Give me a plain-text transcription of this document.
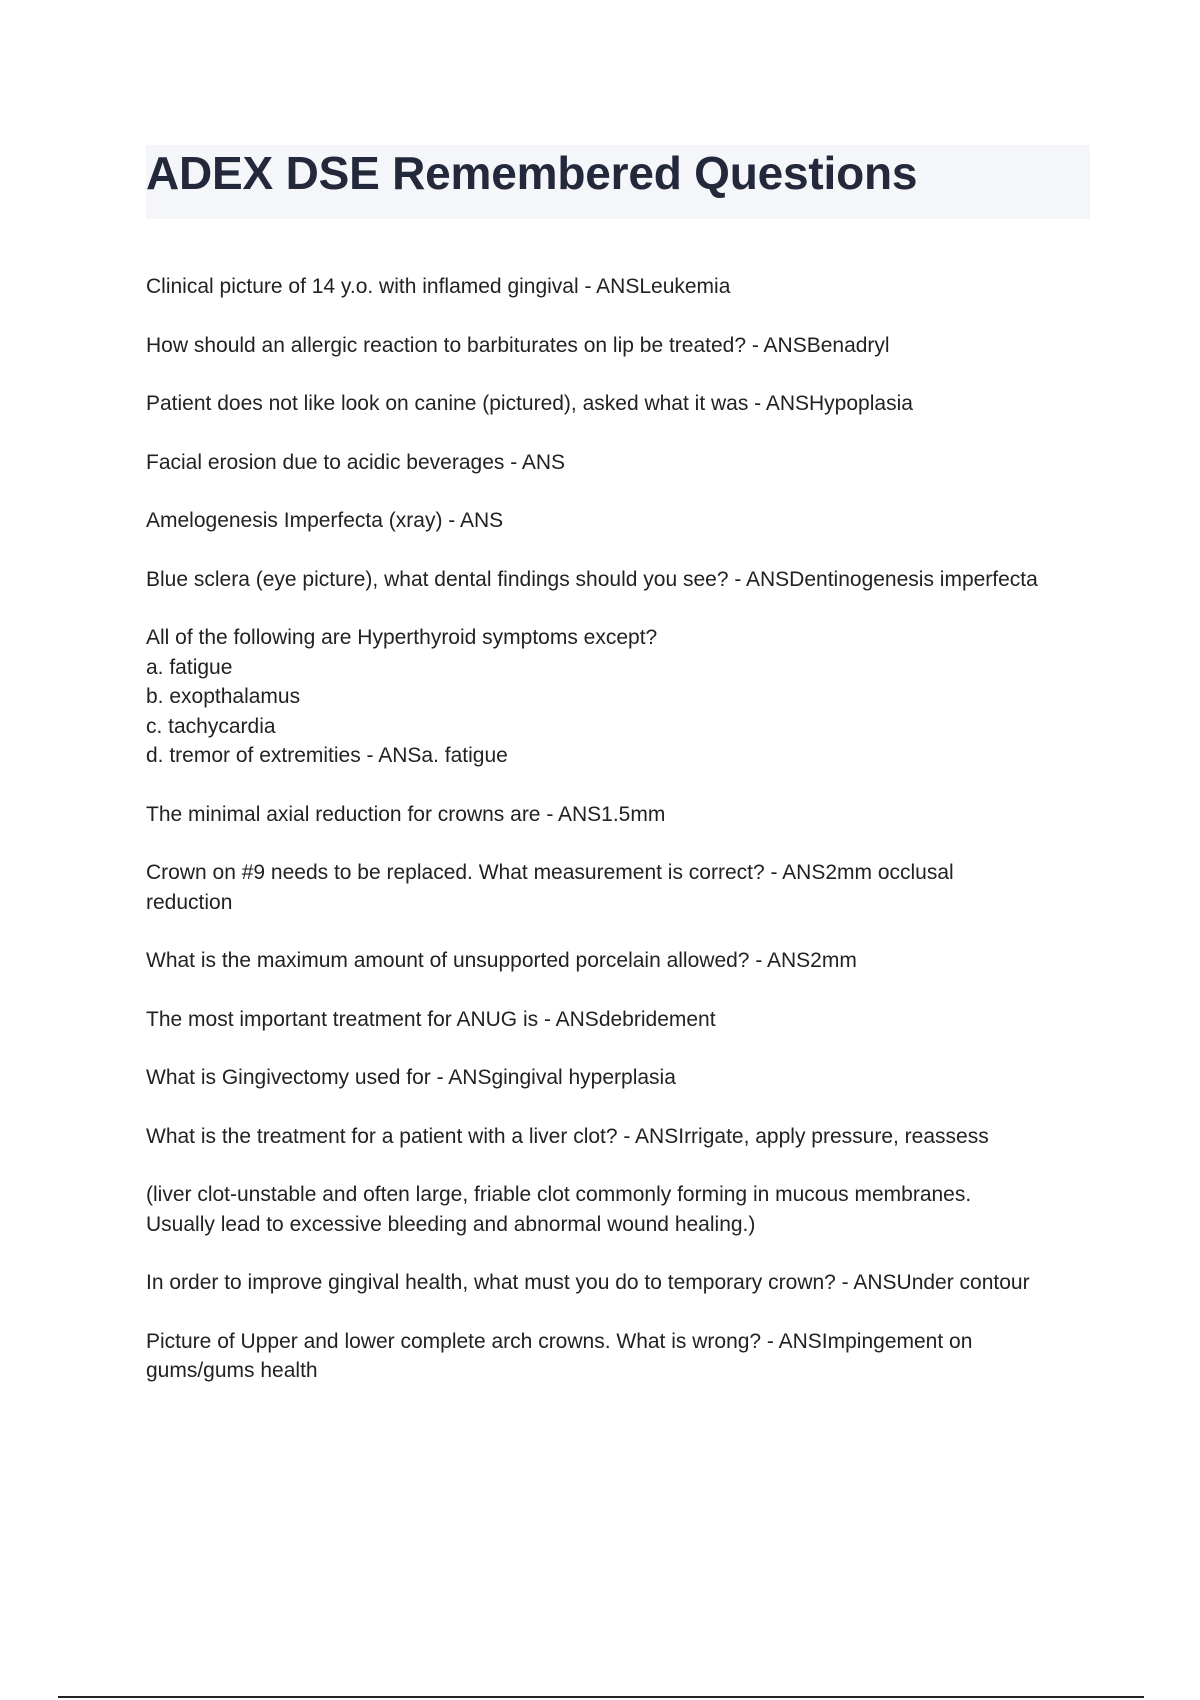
ADEX DSE Remembered Questions

Clinical picture of 14 y.o. with inflamed gingival - ANSLeukemia

How should an allergic reaction to barbiturates on lip be treated? - ANSBenadryl

Patient does not like look on canine (pictured), asked what it was - ANSHypoplasia

Facial erosion due to acidic beverages - ANS

Amelogenesis Imperfecta (xray) - ANS

Blue sclera (eye picture), what dental findings should you see? - ANSDentinogenesis imperfecta

All of the following are Hyperthyroid symptoms except?
a. fatigue
b. exopthalamus
c. tachycardia
d. tremor of extremities - ANSa. fatigue

The minimal axial reduction for crowns are - ANS1.5mm

Crown on #9 needs to be replaced. What measurement is correct? - ANS2mm occlusal
reduction

What is the maximum amount of unsupported porcelain allowed? - ANS2mm

The most important treatment for ANUG is - ANSdebridement

What is Gingivectomy used for - ANSgingival hyperplasia

What is the treatment for a patient with a liver clot? - ANSIrrigate, apply pressure, reassess

(liver clot-unstable and often large, friable clot commonly forming in mucous membranes.
Usually lead to excessive bleeding and abnormal wound healing.)

In order to improve gingival health, what must you do to temporary crown? - ANSUnder contour

Picture of Upper and lower complete arch crowns. What is wrong? - ANSImpingement on
gums/gums health
